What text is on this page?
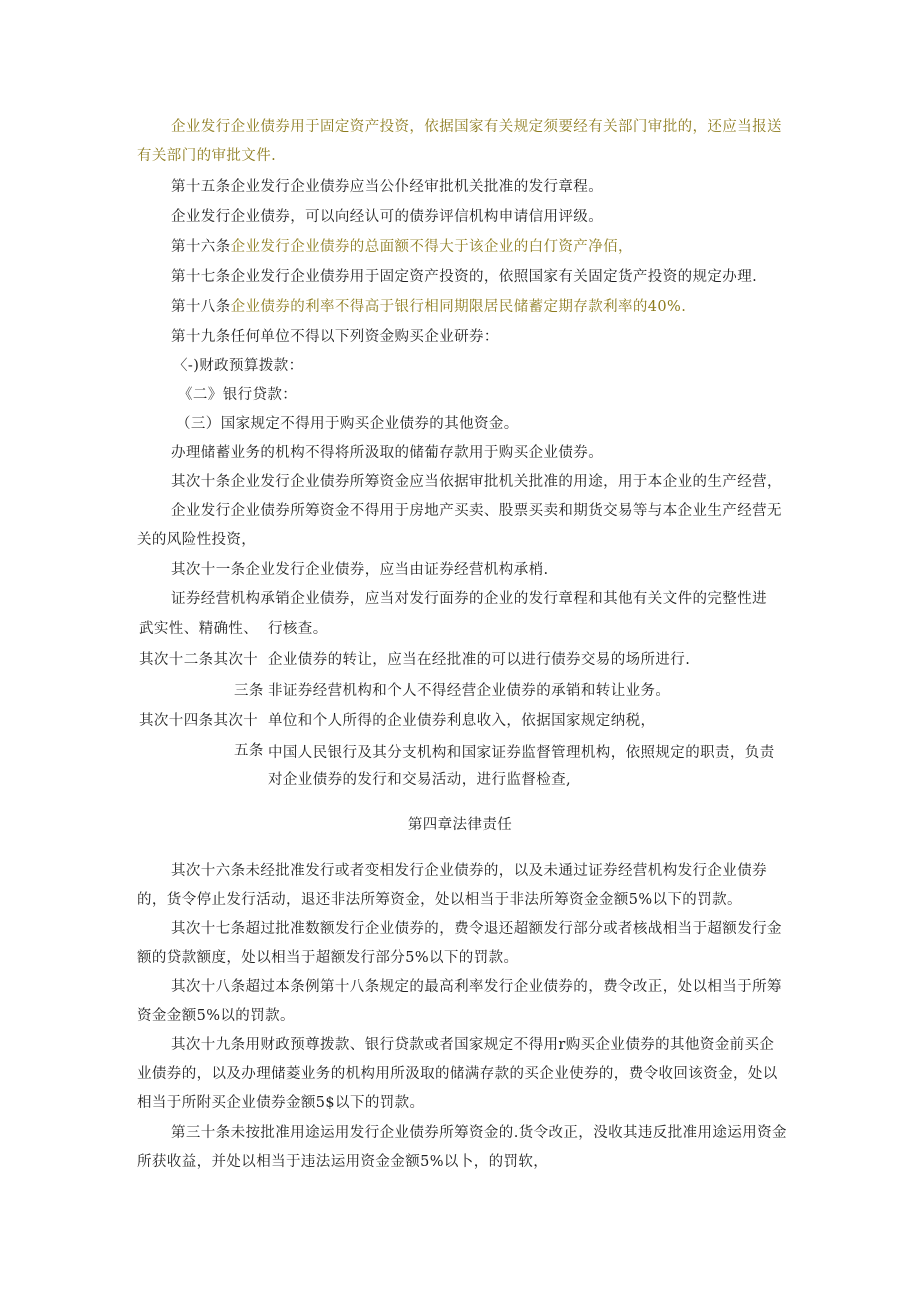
企业发行企业债券用于固定资产投资，依据国家有关规定须要经有关部门审批的，还应当报送有关部门的审批文件.

第十五条企业发行企业债券应当公仆经审批机关批准的发行章程。

企业发行企业债券，可以向经认可的债券评信机构申请信用评级。

第十六条企业发行企业债券的总面额不得大于该企业的白仃资产净佰，

第十七条企业发行企业债券用于固定资产投资的，依照国家有关固定货产投资的规定办理.

第十八条企业债券的利率不得高于银行相同期限居民储蓄定期存款利率的40%.

第十九条任何单位不得以下列资金购买企业研券：

〈-)财政预算拨款：

《二》银行贷款：

（三）国家规定不得用于购买企业债券的其他资金。

办理储蓄业务的机构不得将所汲取的储葡存款用于购买企业债券。

其次十条企业发行企业债券所筹资金应当依据审批机关批准的用途，用于本企业的生产经营，

企业发行企业债券所筹资金不得用于房地产买卖、股票买卖和期货交易等与本企业生产经营无关的风险性投资，

其次十一条企业发行企业债券，应当由证券经营机构承梢.

证券经营机构承销企业债券，应当对发行面券的企业的发行章程和其他有关文件的完整性进

武实性、精确性、 行核查。

其次十二条其次十 企业债券的转让，应当在经批准的可以进行债券交易的场所进行.

三条 非证券经营机构和个人不得经营企业债券的承销和转让业务。

其次十四条其次十 单位和个人所得的企业债券利息收入，依据国家规定纳税，

五条 中国人民银行及其分支机构和国家证券监督管理机构，依照规定的职责，负责对企业债券的发行和交易活动，进行监督检查,

第四章法律责任

其次十六条未经批准发行或者变相发行企业债券的，以及未通过证券经营机构发行企业债券的，货令停止发行活动，退还非法所筹资金，处以相当于非法所筹资金金额5%以下的罚款。

其次十七条超过批准数额发行企业债券的，费令退还超额发行部分或者核战相当于超额发行金额的贷款额度，处以相当于超额发行部分5%以下的罚款。

其次十八条超过本条例第十八条规定的最高利率发行企业债券的，费令改正，处以相当于所筹资金金额5%以的罚款。

其次十九条用财政预尊拨款、银行贷款或者国家规定不得用r购买企业债券的其他资金前买企业债券的，以及办理储菱业务的机构用所汲取的储满存款的买企业使券的，费令收回该资金，处以相当于所附买企业债券金额5$以下的罚款。

第三十条未按批准用途运用发行企业债券所筹资金的.货令改正，没收其违反批准用途运用资金所获收益，并处以相当于违法运用资金金额5%以卜，的罚软，
